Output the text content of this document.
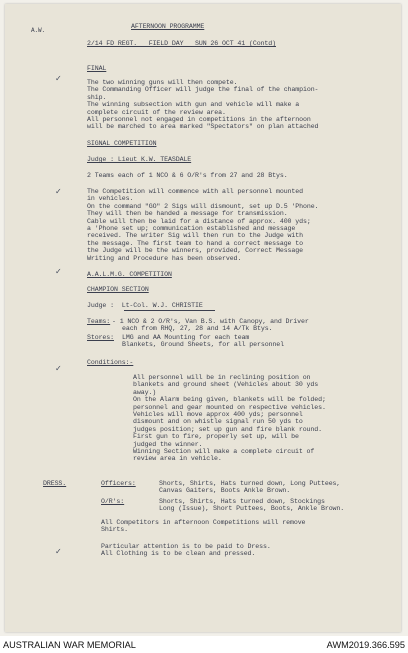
A.W.
AFTERNOON PROGRAMME
2/14 FD REGT.   FIELD DAY   SUN 26 OCT 41 (Contd)
✓
✓
✓
✓
✓
FINAL
The two winning guns will then compete.
The Commanding Officer will judge the final of the champion-
ship.
The winning subsection with gun and vehicle will make a
complete circuit of the review area.
All personnel not engaged in competitions in the afternoon
will be marched to area marked "Spectators" on plan attached
SIGNAL COMPETITION
Judge : Lieut K.W. TEASDALE
2 Teams each of 1 NCO & 6 O/R's from 27 and 28 Btys.
The Competition will commence with all personnel mounted
in vehicles.
On the command "GO" 2 Sigs will dismount, set up D.5 'Phone.
They will then be handed a message for transmission.
Cable will then be laid for a distance of approx. 400 yds;
a 'Phone set up; communication established and message
received. The writer Sig will then run to the Judge with
the message. The first team to hand a correct message to
the Judge will be the winners, provided, Correct Message
Writing and Procedure has been observed.
A.A.L.M.G. COMPETITION
CHAMPION SECTION
Judge :  Lt-Col. W.J. CHRISTIE
Teams: - 1 NCO & 2 O/R's, Van B.S. with Canopy, and Driver
each from RHQ, 27, 28 and 14 A/Tk Btys.
Stores: LMG and AA Mounting for each team
Blankets, Ground Sheets, for all personnel
Conditions:-
All personnel will be in reclining position on
blankets and ground sheet (Vehicles about 30 yds
away.)
On the Alarm being given, blankets will be folded;
personnel and gear mounted on respective vehicles.
Vehicles will move approx 400 yds; personnel
dismount and on whistle signal run 50 yds to
judges position; set up gun and fire blank round.
First gun to fire, properly set up, will be
judged the winner.
Winning Section will make a complete circuit of
review area in vehicle.
DRESS.	Officers:	Shorts, Shirts, Hats turned down, Long Puttees,
Canvas Gaiters, Boots Ankle Brown.
O/R's:	Shorts, Shirts, Hats turned down, Stockings
Long (Issue), Short Puttees, Boots, Ankle Brown.
All Competitors in afternoon Competitions will remove
Shirts.
Particular attention is to be paid to Dress.
All Clothing is to be clean and pressed.
AUSTRALIAN WAR MEMORIAL	AWM2019.366.595
